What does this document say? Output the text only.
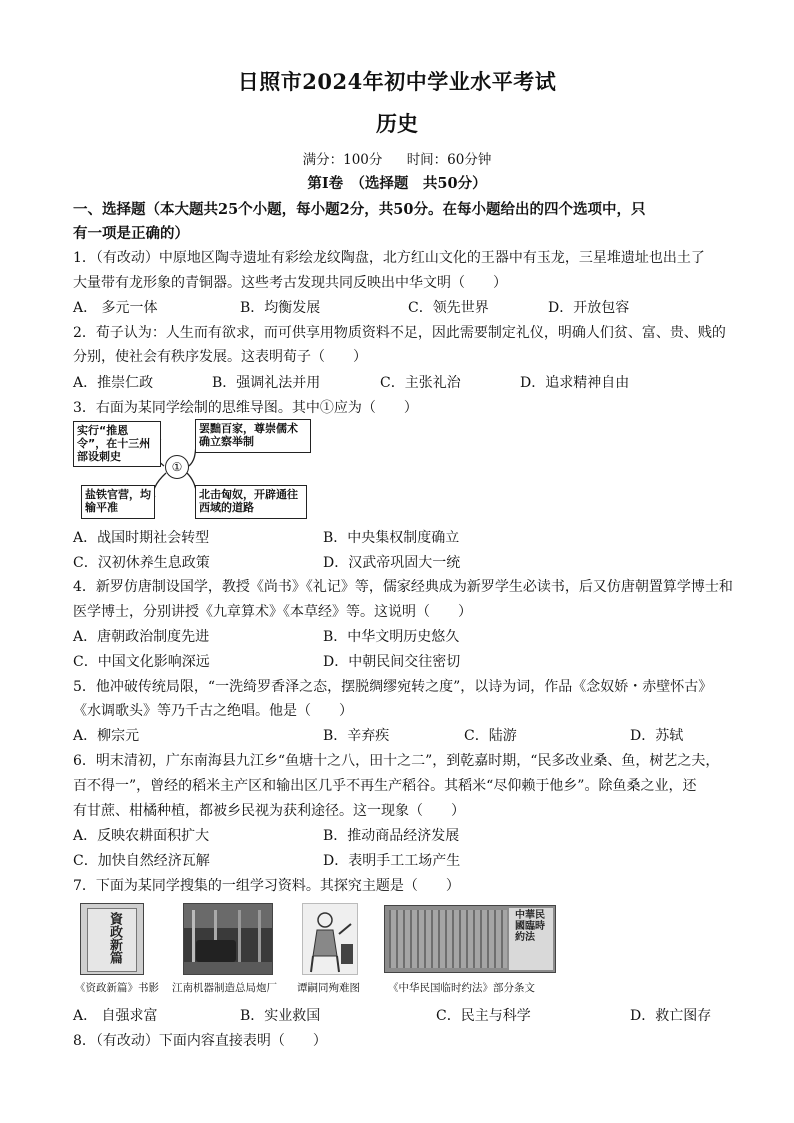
日照市2024年初中学业水平考试
历史
满分：100分 时间：60分钟
第Ⅰ卷　（选择题　共50分）
一、选择题（本大题共25个小题，每小题2分，共50分。在每小题给出的四个选项中，只
有一项是正确的）
1．（有改动）中原地区陶寺遗址有彩绘龙纹陶盘，北方红山文化的王器中有玉龙，三星堆遗址也出土了
大量带有龙形象的青铜器。这些考古发现共同反映出中华文明（　　）
A． 多元一体	B．均衡发展	C．领先世界	D．开放包容
2．荀子认为：人生而有欲求，而可供享用物质资料不足，因此需要制定礼仪，明确人们贫、富、贵、贱的
分别，使社会有秩序发展。这表明荀子（　　）
A．推崇仁政	B．强调礼法并用	C．主张礼治	D．追求精神自由
3．右面为某同学绘制的思维导图。其中①应为（　　）
实行“推恩令”，在十三州部设刺史
罢黜百家，尊崇儒术确立察举制
①
盐铁官营，均输平准
北击匈奴，开辟通往西域的道路
A．战国时期社会转型	B．中央集权制度确立
C．汉初休养生息政策	D．汉武帝巩固大一统
4．新罗仿唐制设国学，教授《尚书》《礼记》等，儒家经典成为新罗学生必读书，后又仿唐朝置算学博士和
医学博士，分别讲授《九章算术》《本草经》等。这说明（　　）
A．唐朝政治制度先进	B．中华文明历史悠久
C．中国文化影响深远	D．中朝民间交往密切
5．他冲破传统局限，“一洗绮罗香泽之态，摆脱绸缪宛转之度”，以诗为词，作品《念奴娇・赤壁怀古》
《水调歌头》等乃千古之绝唱。他是（　　）
A．柳宗元	B．辛弃疾	C．陆游	D．苏轼
6．明末清初，广东南海县九江乡“鱼塘十之八，田十之二”，到乾嘉时期，“民多改业桑、鱼，树艺之夫，
百不得一”，曾经的稻米主产区和输出区几乎不再生产稻谷。其稻米“尽仰赖于他乡”。除鱼桑之业，还
有甘蔗、柑橘种植，都被乡民视为获利途径。这一现象（　　）
A．反映农耕面积扩大	B．推动商品经济发展
C．加快自然经济瓦解	D．表明手工工场产生
7．下面为某同学搜集的一组学习资料。其探究主题是（　　）
資政新篇
《资政新篇》书影 江南机器制造总局炮厂 谭嗣同殉难图
中華民國臨時約法
《中华民国临时约法》部分条文
A． 自强求富	B．实业救国	C．民主与科学	D．救亡图存
8．（有改动）下面内容直接表明（　　）
